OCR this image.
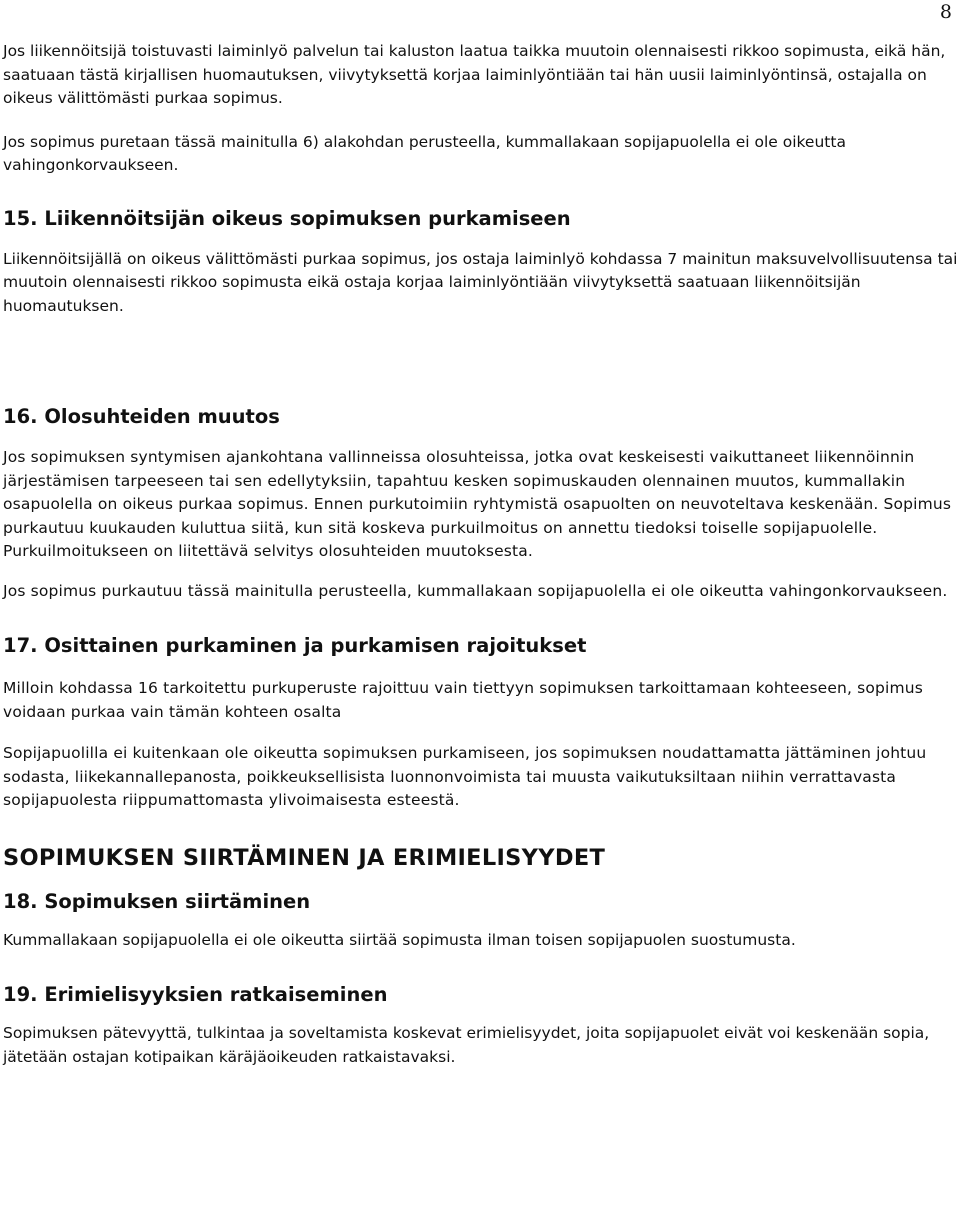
8

Jos liikennöitsijä toistuvasti laiminlyö palvelun tai kaluston laatua taikka muutoin olennaisesti rikkoo sopimusta, eikä hän, saatuaan tästä kirjallisen huomautuksen, viivytyksettä korjaa laiminlyöntiään tai hän uusii laiminlyöntinsä, ostajalla on oikeus välittömästi purkaa sopimus.

Jos sopimus puretaan tässä mainitulla 6) alakohdan perusteella, kummallakaan sopijapuolella ei ole oikeutta vahingonkorvaukseen.

15. Liikennöitsijän oikeus sopimuksen purkamiseen

Liikennöitsijällä on oikeus välittömästi purkaa sopimus, jos ostaja laiminlyö kohdassa 7 mainitun maksuvelvollisuutensa tai muutoin olennaisesti rikkoo sopimusta eikä ostaja korjaa laiminlyöntiään viivytyksettä saatuaan liikennöitsijän huomautuksen.

16. Olosuhteiden muutos

Jos sopimuksen syntymisen ajankohtana vallinneissa olosuhteissa, jotka ovat keskeisesti vaikuttaneet liikennöinnin järjestämisen tarpeeseen tai sen edellytyksiin, tapahtuu kesken sopimuskauden olennainen muutos, kummallakin osapuolella on oikeus purkaa sopimus. Ennen purkutoimiin ryhtymistä osapuolten on neuvoteltava keskenään. Sopimus purkautuu kuukauden kuluttua siitä, kun sitä koskeva purkuilmoitus on annettu tiedoksi toiselle sopijapuolelle. Purkuilmoitukseen on liitettävä selvitys olosuhteiden muutoksesta.

Jos sopimus purkautuu tässä mainitulla perusteella, kummallakaan sopijapuolella ei ole oikeutta vahingonkorvaukseen.

17. Osittainen purkaminen ja purkamisen rajoitukset

Milloin kohdassa 16 tarkoitettu purkuperuste rajoittuu vain tiettyyn sopimuksen tarkoittamaan kohteeseen, sopimus voidaan purkaa vain tämän kohteen osalta

Sopijapuolilla ei kuitenkaan ole oikeutta sopimuksen purkamiseen, jos sopimuksen noudattamatta jättäminen johtuu sodasta, liikekannallepanosta, poikkeuksellisista luonnonvoimista tai muusta vaikutuksiltaan niihin verrattavasta sopijapuolesta riippumattomasta ylivoimaisesta esteestä.

SOPIMUKSEN SIIRTÄMINEN JA ERIMIELISYYDET
18. Sopimuksen siirtäminen

Kummallakaan sopijapuolella ei ole oikeutta siirtää sopimusta ilman toisen sopijapuolen suostumusta.

19. Erimielisyyksien ratkaiseminen

Sopimuksen pätevyyttä, tulkintaa ja soveltamista koskevat erimielisyydet, joita sopijapuolet eivät voi keskenään sopia, jätetään ostajan kotipaikan käräjäoikeuden ratkaistavaksi.
